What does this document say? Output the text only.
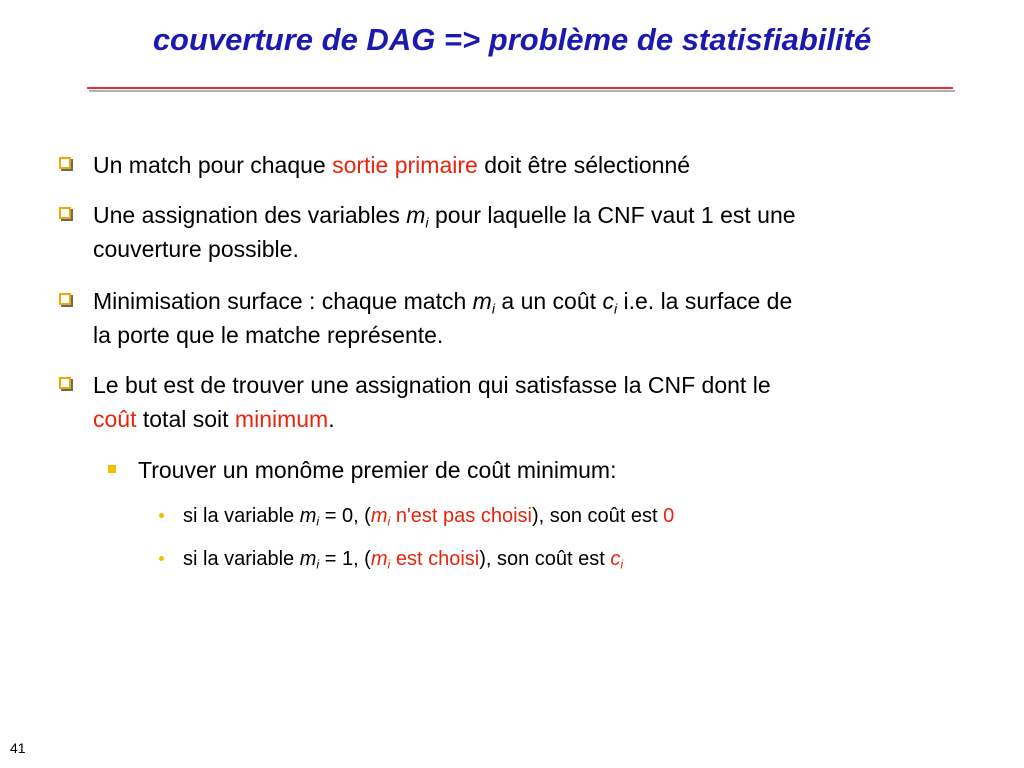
couverture de DAG => problème de statisfiabilité
Un match pour chaque sortie primaire doit être sélectionné
Une assignation des variables $m_i$ pour laquelle la CNF vaut 1 est une
couverture possible.
Minimisation surface : chaque match $m_i$ a un coût $c_i$ i.e. la surface de
la porte que le matche représente.
Le but est de trouver une assignation qui satisfasse la CNF dont le
coût total soit minimum.
Trouver un monôme premier de coût minimum:
si la variable $m_i = 0$, ($m_i$ n'est pas choisi), son coût est 0
si la variable $m_i = 1$, ($m_i$ est choisi), son coût est $c_i$
41
